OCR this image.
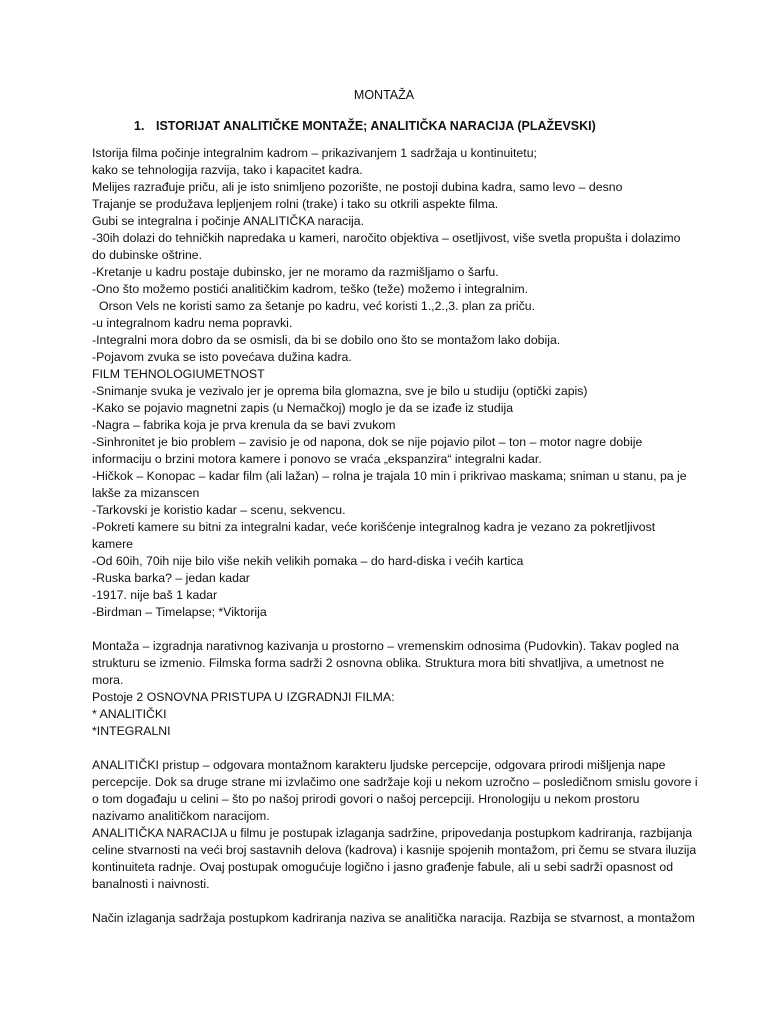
MONTAŽA
1. ISTORIJAT ANALITIČKE MONTAŽE; ANALITIČKA NARACIJA (PLAŽEVSKI)
Istorija filma počinje integralnim kadrom – prikazivanjem 1 sadržaja u kontinuitetu;
kako se tehnologija razvija, tako i kapacitet kadra.
Melijes razrađuje priču, ali je isto snimljeno pozorište, ne postoji dubina kadra, samo levo – desno
Trajanje se produžava lepljenjem rolni (trake) i tako su otkrili aspekte filma.
Gubi se integralna i počinje ANALITIČKA naracija.
-30ih dolazi do tehničkih napredaka u kameri, naročito objektiva – osetljivost, više svetla propušta i dolazimo
do dubinske oštrine.
-Kretanje u kadru postaje dubinsko, jer ne moramo da razmišljamo o šarfu.
-Ono što možemo postići analitičkim kadrom, teško (teže) možemo i integralnim.
Orson Vels ne koristi samo za šetanje po kadru, već koristi 1.,2.,3. plan za priču.
-u integralnom kadru nema popravki.
-Integralni mora dobro da se osmisli, da bi se dobilo ono što se montažom lako dobija.
-Pojavom zvuka se isto povećava dužina kadra.
FILM TEHNOLOGIUMETNOST
-Snimanje svuka je vezivalo jer je oprema bila glomazna, sve je bilo u studiju (optički zapis)
-Kako se pojavio magnetni zapis (u Nemačkoj) moglo je da se izađe iz studija
-Nagra – fabrika koja je prva krenula da se bavi zvukom
-Sinhronitet je bio problem – zavisio je od napona, dok se nije pojavio pilot – ton – motor nagre dobije
informaciju o brzini motora kamere i ponovo se vraća „ekspanzira“ integralni kadar.
-Hičkok – Konopac – kadar film (ali lažan) – rolna je trajala 10 min i prikrivao maskama; sniman u stanu, pa je
lakše za mizanscen
-Tarkovski je koristio kadar – scenu, sekvencu.
-Pokreti kamere su bitni za integralni kadar, veće korišćenje integralnog kadra je vezano za pokretljivost
kamere
-Od 60ih, 70ih nije bilo više nekih velikih pomaka – do hard-diska i većih kartica
-Ruska barka? – jedan kadar
-1917. nije baš 1 kadar
-Birdman – Timelapse; *Viktorija
Montaža – izgradnja narativnog kazivanja u prostorno – vremenskim odnosima (Pudovkin). Takav pogled na
strukturu se izmenio. Filmska forma sadrži 2 osnovna oblika. Struktura mora biti shvatljiva, a umetnost ne
mora.
Postoje 2 OSNOVNA PRISTUPA U IZGRADNJI FILMA:
* ANALITIČKI
*INTEGRALNI
ANALITIČKI pristup – odgovara montažnom karakteru ljudske percepcije, odgovara prirodi mišljenja nape
percepcije. Dok sa druge strane mi izvlačimo one sadržaje koji u nekom uzročno – posledičnom smislu govore i
o tom događaju u celini – što po našoj prirodi govori o našoj percepciji. Hronologiju u nekom prostoru
nazivamo analitičkom naracijom.
ANALITIČKA NARACIJA u filmu je postupak izlaganja sadržine, pripovedanja postupkom kadriranja, razbijanja
celine stvarnosti na veći broj sastavnih delova (kadrova) i kasnije spojenih montažom, pri čemu se stvara iluzija
kontinuiteta radnje. Ovaj postupak omogućuje logično i jasno građenje fabule, ali u sebi sadrži opasnost od
banalnosti i naivnosti.
Način izlaganja sadržaja postupkom kadriranja naziva se analitička naracija. Razbija se stvarnost, a montažom
